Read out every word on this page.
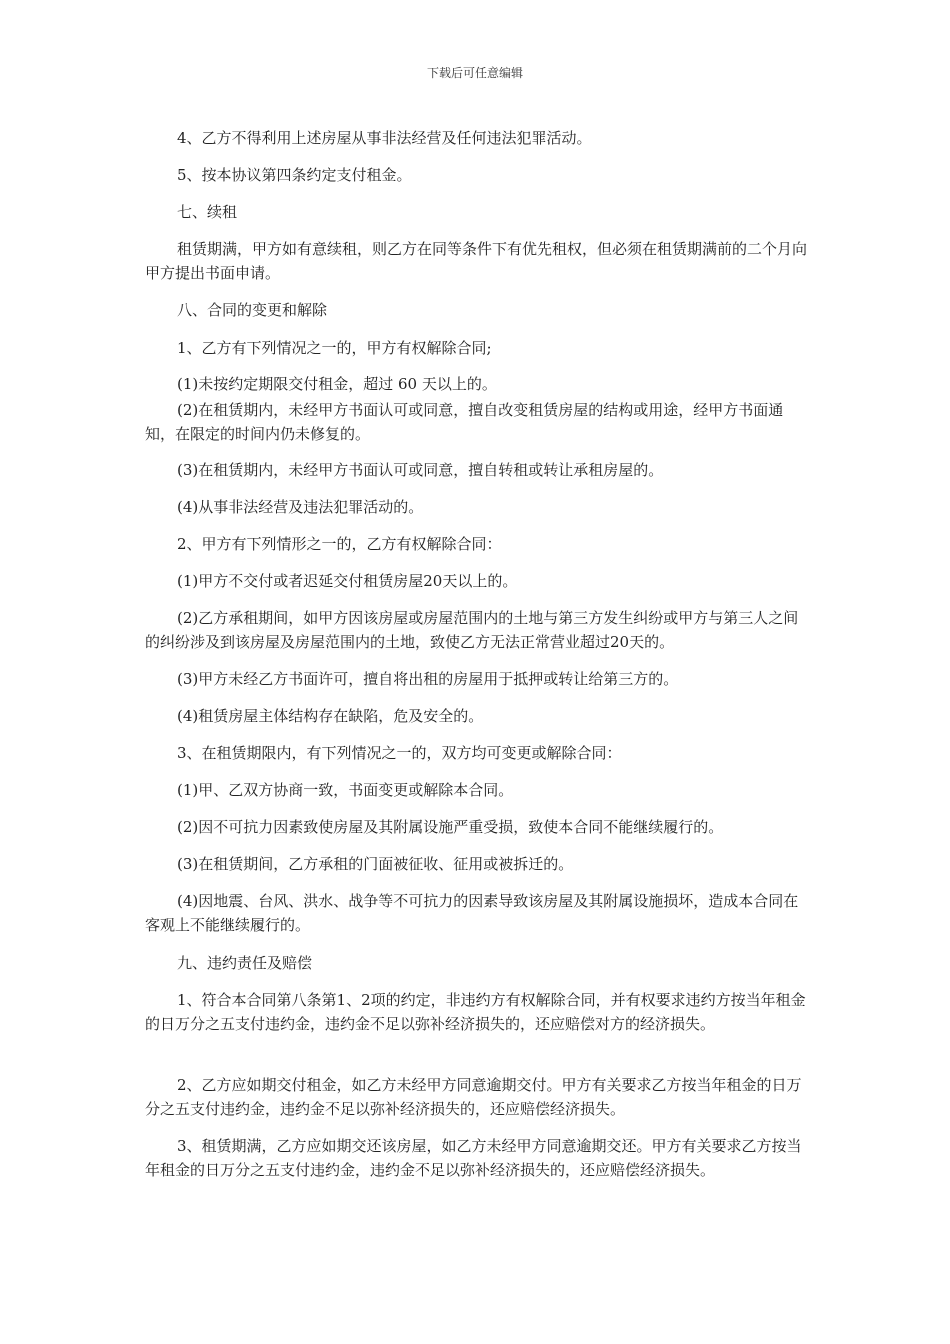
下载后可任意编辑

4、乙方不得利用上述房屋从事非法经营及任何违法犯罪活动。

5、按本协议第四条约定支付租金。

七、续租

租赁期满，甲方如有意续租，则乙方在同等条件下有优先租权，但必须在租赁期满前的二个月向甲方提出书面申请。

八、合同的变更和解除

1、乙方有下列情况之一的，甲方有权解除合同;

(1)未按约定期限交付租金，超过 60 天以上的。

(2)在租赁期内，未经甲方书面认可或同意，擅自改变租赁房屋的结构或用途，经甲方书面通知，在限定的时间内仍未修复的。

(3)在租赁期内，未经甲方书面认可或同意，擅自转租或转让承租房屋的。

(4)从事非法经营及违法犯罪活动的。

2、甲方有下列情形之一的，乙方有权解除合同：

(1)甲方不交付或者迟延交付租赁房屋20天以上的。

(2)乙方承租期间，如甲方因该房屋或房屋范围内的土地与第三方发生纠纷或甲方与第三人之间的纠纷涉及到该房屋及房屋范围内的土地，致使乙方无法正常营业超过20天的。

(3)甲方未经乙方书面许可，擅自将出租的房屋用于抵押或转让给第三方的。

(4)租赁房屋主体结构存在缺陷，危及安全的。

3、在租赁期限内，有下列情况之一的，双方均可变更或解除合同：

(1)甲、乙双方协商一致，书面变更或解除本合同。

(2)因不可抗力因素致使房屋及其附属设施严重受损，致使本合同不能继续履行的。

(3)在租赁期间，乙方承租的门面被征收、征用或被拆迁的。

(4)因地震、台风、洪水、战争等不可抗力的因素导致该房屋及其附属设施损坏，造成本合同在客观上不能继续履行的。

九、违约责任及赔偿

1、符合本合同第八条第1、2项的约定，非违约方有权解除合同，并有权要求违约方按当年租金的日万分之五支付违约金，违约金不足以弥补经济损失的，还应赔偿对方的经济损失。

2、乙方应如期交付租金，如乙方未经甲方同意逾期交付。甲方有关要求乙方按当年租金的日万分之五支付违约金，违约金不足以弥补经济损失的，还应赔偿经济损失。

3、租赁期满，乙方应如期交还该房屋，如乙方未经甲方同意逾期交还。甲方有关要求乙方按当年租金的日万分之五支付违约金，违约金不足以弥补经济损失的，还应赔偿经济损失。
